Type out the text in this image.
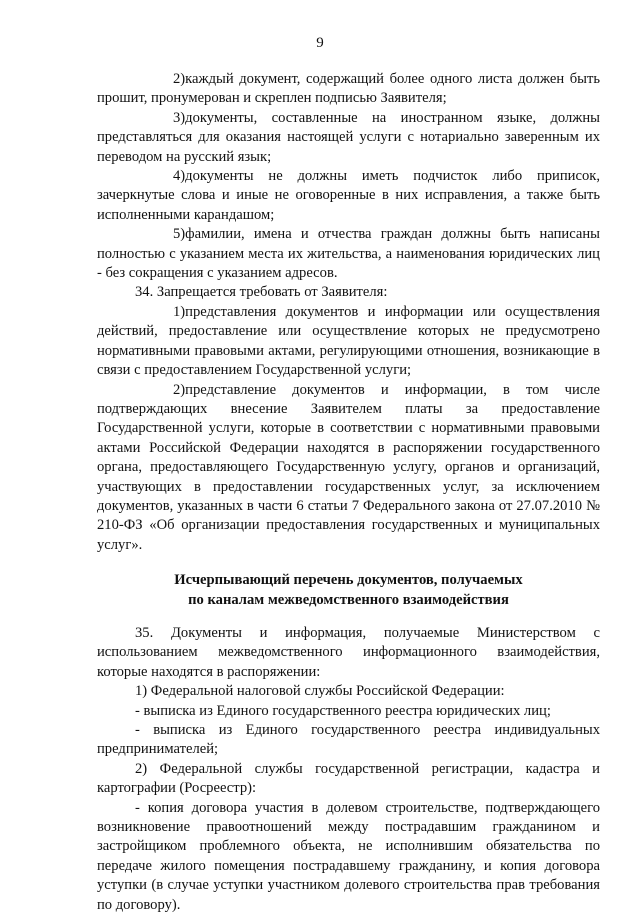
9

2)каждый документ, содержащий более одного листа должен быть прошит, пронумерован и скреплен подписью Заявителя;

3)документы, составленные на иностранном языке, должны представляться для оказания настоящей услуги с нотариально заверенным их переводом на русский язык;

4)документы не должны иметь подчисток либо приписок, зачеркнутые слова и иные не оговоренные в них исправления, а также быть исполненными карандашом;

5)фамилии, имена и отчества граждан должны быть написаны полностью с указанием места их жительства, а наименования юридических лиц - без сокращения с указанием адресов.

34. Запрещается требовать от Заявителя:

1)представления документов и информации или осуществления действий, предоставление или осуществление которых не предусмотрено нормативными правовыми актами, регулирующими отношения, возникающие в связи с предоставлением Государственной услуги;

2)представление документов и информации, в том числе подтверждающих внесение Заявителем платы за предоставление Государственной услуги, которые в соответствии с нормативными правовыми актами Российской Федерации находятся в распоряжении государственного органа, предоставляющего Государственную услугу, органов и организаций, участвующих в предоставлении государственных услуг, за исключением документов, указанных в части 6 статьи 7 Федерального закона от 27.07.2010 № 210-ФЗ «Об организации предоставления государственных и муниципальных услуг».

Исчерпывающий перечень документов, получаемых
по каналам межведомственного взаимодействия

35. Документы и информация, получаемые Министерством с использованием межведомственного информационного взаимодействия, которые находятся в распоряжении:

1) Федеральной налоговой службы Российской Федерации:

- выписка из Единого государственного реестра юридических лиц;

- выписка из Единого государственного реестра индивидуальных предпринимателей;

2) Федеральной службы государственной регистрации, кадастра и картографии (Росреестр):

- копия договора участия в долевом строительстве, подтверждающего возникновение правоотношений между пострадавшим гражданином и застройщиком проблемного объекта, не исполнившим обязательства по передаче жилого помещения пострадавшему гражданину, и копия договора уступки (в случае уступки участником долевого строительства прав требования по договору).
